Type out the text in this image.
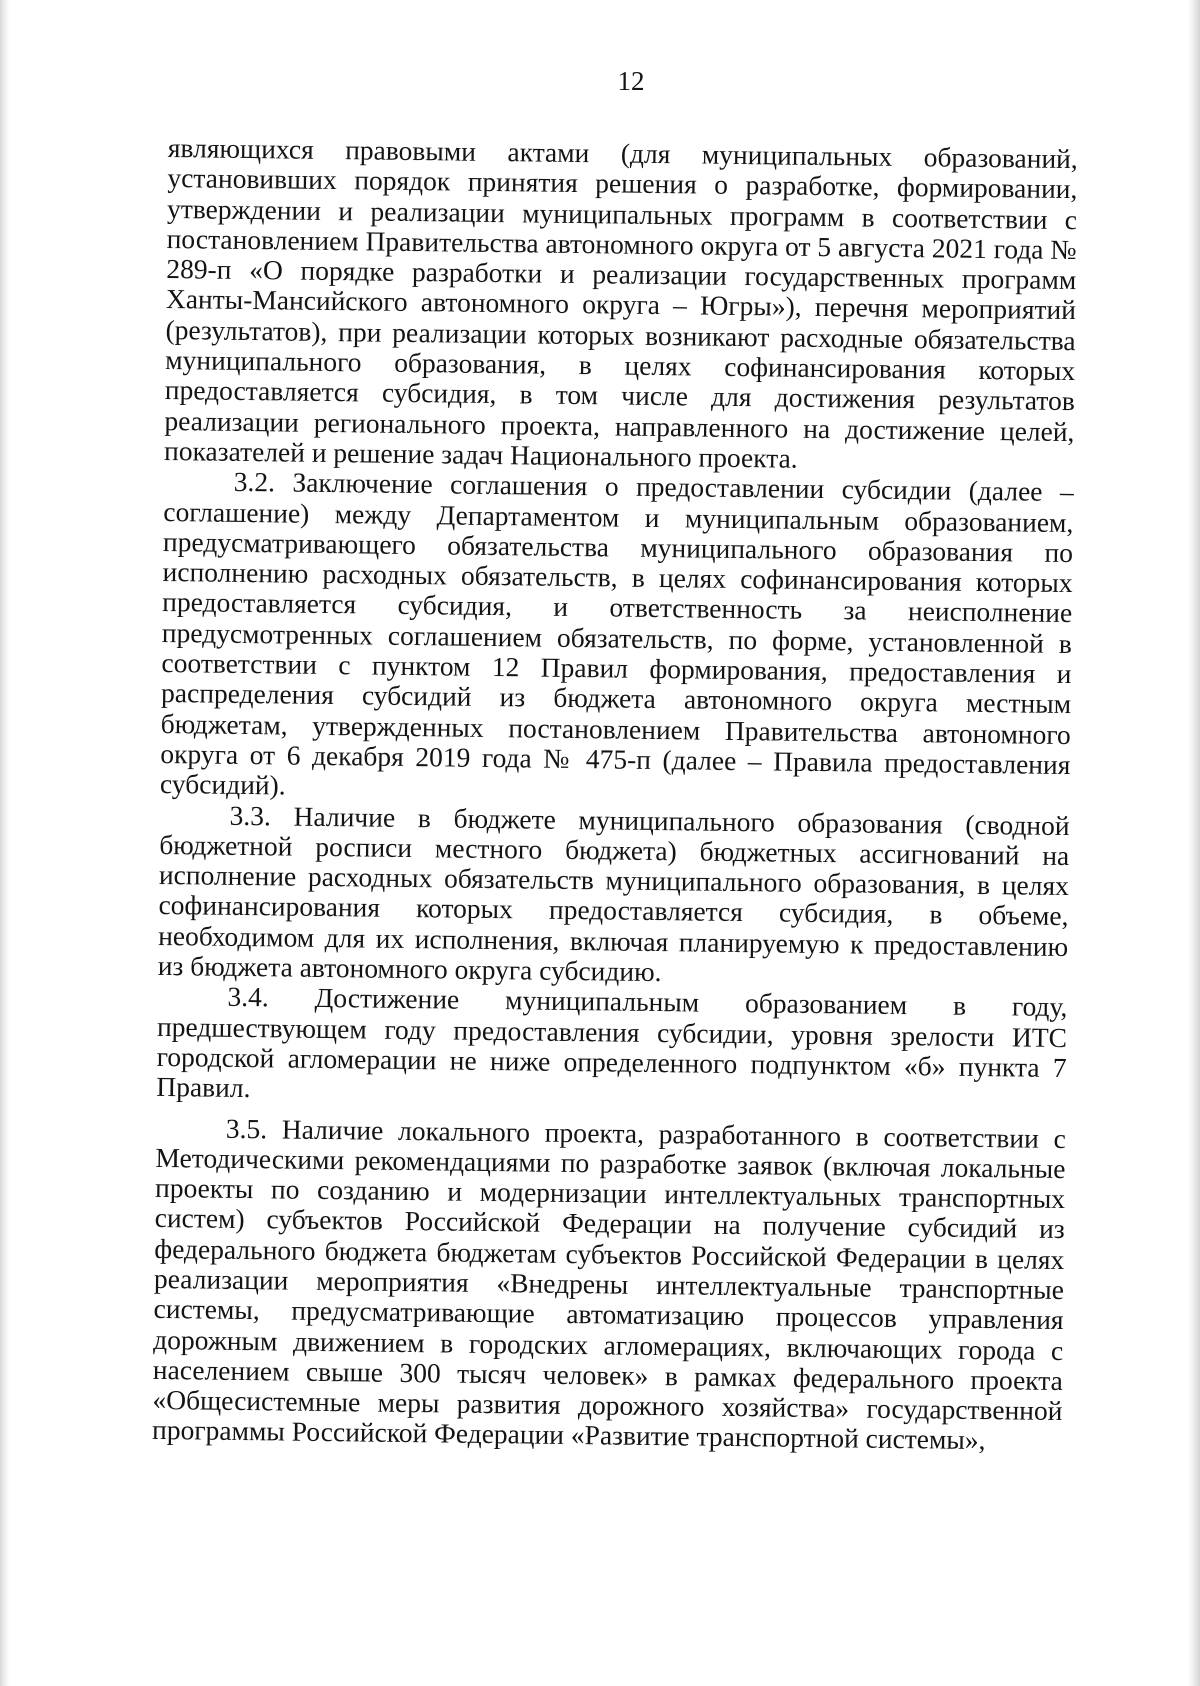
12

являющихся правовыми актами (для муниципальных образований, установивших порядок принятия решения о разработке, формировании, утверждении и реализации муниципальных программ в соответствии с постановлением Правительства автономного округа от 5 августа 2021 года № 289-п «О порядке разработки и реализации государственных программ Ханты-Мансийского автономного округа – Югры»), перечня мероприятий (результатов), при реализации которых возникают расходные обязательства муниципального образования, в целях софинансирования которых предоставляется субсидия, в том числе для достижения результатов реализации регионального проекта, направленного на достижение целей, показателей и решение задач Национального проекта.

3.2. Заключение соглашения о предоставлении субсидии (далее – соглашение) между Департаментом и муниципальным образованием, предусматривающего обязательства муниципального образования по исполнению расходных обязательств, в целях софинансирования которых предоставляется субсидия, и ответственность за неисполнение предусмотренных соглашением обязательств, по форме, установленной в соответствии с пунктом 12 Правил формирования, предоставления и распределения субсидий из бюджета автономного округа местным бюджетам, утвержденных постановлением Правительства автономного округа от 6 декабря 2019 года № 475-п (далее – Правила предоставления субсидий).

3.3. Наличие в бюджете муниципального образования (сводной бюджетной росписи местного бюджета) бюджетных ассигнований на исполнение расходных обязательств муниципального образования, в целях софинансирования которых предоставляется субсидия, в объеме, необходимом для их исполнения, включая планируемую к предоставлению из бюджета автономного округа субсидию.

3.4. Достижение муниципальным образованием в году, предшествующем году предоставления субсидии, уровня зрелости ИТС городской агломерации не ниже определенного подпунктом «б» пункта 7 Правил.

3.5. Наличие локального проекта, разработанного в соответствии с Методическими рекомендациями по разработке заявок (включая локальные проекты по созданию и модернизации интеллектуальных транспортных систем) субъектов Российской Федерации на получение субсидий из федерального бюджета бюджетам субъектов Российской Федерации в целях реализации мероприятия «Внедрены интеллектуальные транспортные системы, предусматривающие автоматизацию процессов управления дорожным движением в городских агломерациях, включающих города с населением свыше 300 тысяч человек» в рамках федерального проекта «Общесистемные меры развития дорожного хозяйства» государственной программы Российской Федерации «Развитие транспортной системы»,
